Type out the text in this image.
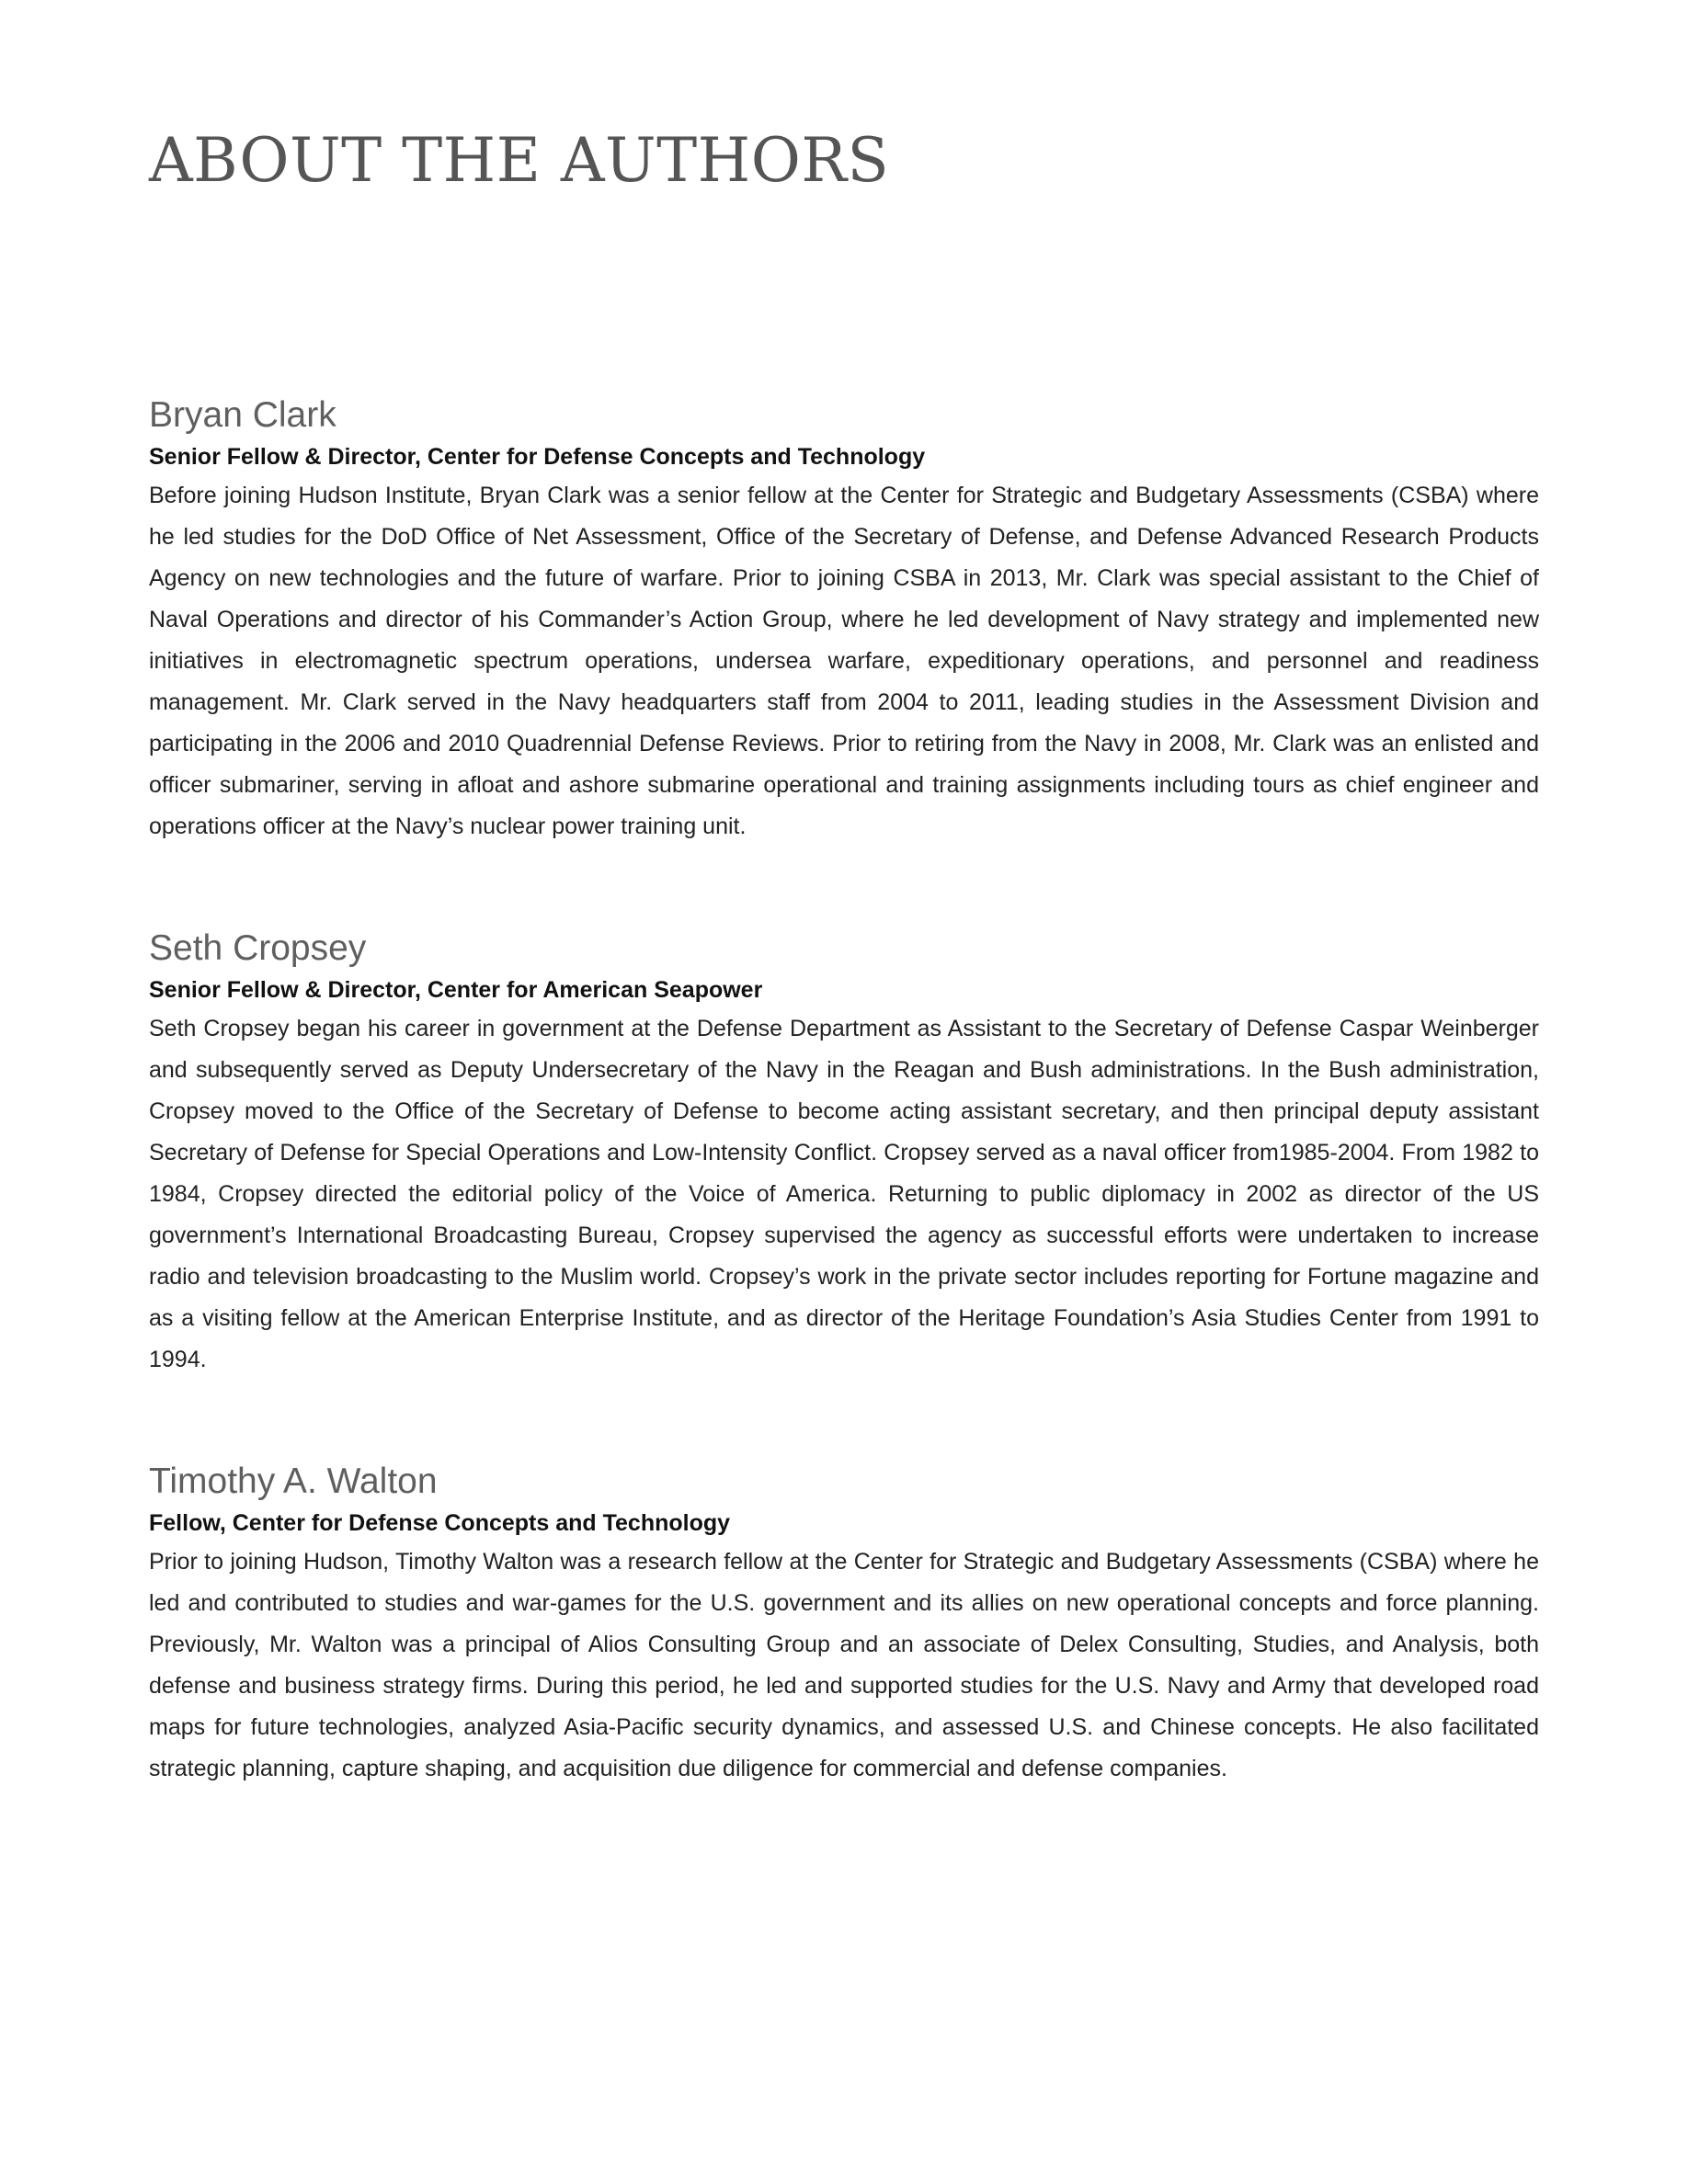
ABOUT THE AUTHORS
Bryan Clark

Senior Fellow & Director, Center for Defense Concepts and Technology

Before joining Hudson Institute, Bryan Clark was a senior fellow at the Center for Strategic and Budgetary Assessments (CSBA) where he led studies for the DoD Office of Net Assessment, Office of the Secretary of Defense, and Defense Advanced Research Products Agency on new technologies and the future of warfare. Prior to joining CSBA in 2013, Mr. Clark was special assistant to the Chief of Naval Operations and director of his Commander’s Action Group, where he led development of Navy strategy and implemented new initiatives in electromagnetic spectrum operations, undersea warfare, expeditionary operations, and personnel and readiness management. Mr. Clark served in the Navy headquarters staff from 2004 to 2011, leading studies in the Assessment Division and participating in the 2006 and 2010 Quadrennial Defense Reviews. Prior to retiring from the Navy in 2008, Mr. Clark was an enlisted and officer submariner, serving in afloat and ashore submarine operational and training assignments including tours as chief engineer and operations officer at the Navy’s nuclear power training unit.

Seth Cropsey

Senior Fellow & Director, Center for American Seapower

Seth Cropsey began his career in government at the Defense Department as Assistant to the Secretary of Defense Caspar Weinberger and subsequently served as Deputy Undersecretary of the Navy in the Reagan and Bush administrations. In the Bush administration, Cropsey moved to the Office of the Secretary of Defense to become acting assistant secretary, and then principal deputy assistant Secretary of Defense for Special Operations and Low-Intensity Conflict. Cropsey served as a naval officer from1985-2004. From 1982 to 1984, Cropsey directed the editorial policy of the Voice of America. Returning to public diplomacy in 2002 as director of the US government’s International Broadcasting Bureau, Cropsey supervised the agency as successful efforts were undertaken to increase radio and television broadcasting to the Muslim world. Cropsey’s work in the private sector includes reporting for Fortune magazine and as a visiting fellow at the American Enterprise Institute, and as director of the Heritage Foundation’s Asia Studies Center from 1991 to 1994.

Timothy A. Walton

Fellow, Center for Defense Concepts and Technology

Prior to joining Hudson, Timothy Walton was a research fellow at the Center for Strategic and Budgetary Assessments (CSBA) where he led and contributed to studies and war-games for the U.S. government and its allies on new operational concepts and force planning. Previously, Mr. Walton was a principal of Alios Consulting Group and an associate of Delex Consulting, Studies, and Analysis, both defense and business strategy firms. During this period, he led and supported studies for the U.S. Navy and Army that developed road maps for future technologies, analyzed Asia-Pacific security dynamics, and assessed U.S. and Chinese concepts. He also facilitated strategic planning, capture shaping, and acquisition due diligence for commercial and defense companies.
